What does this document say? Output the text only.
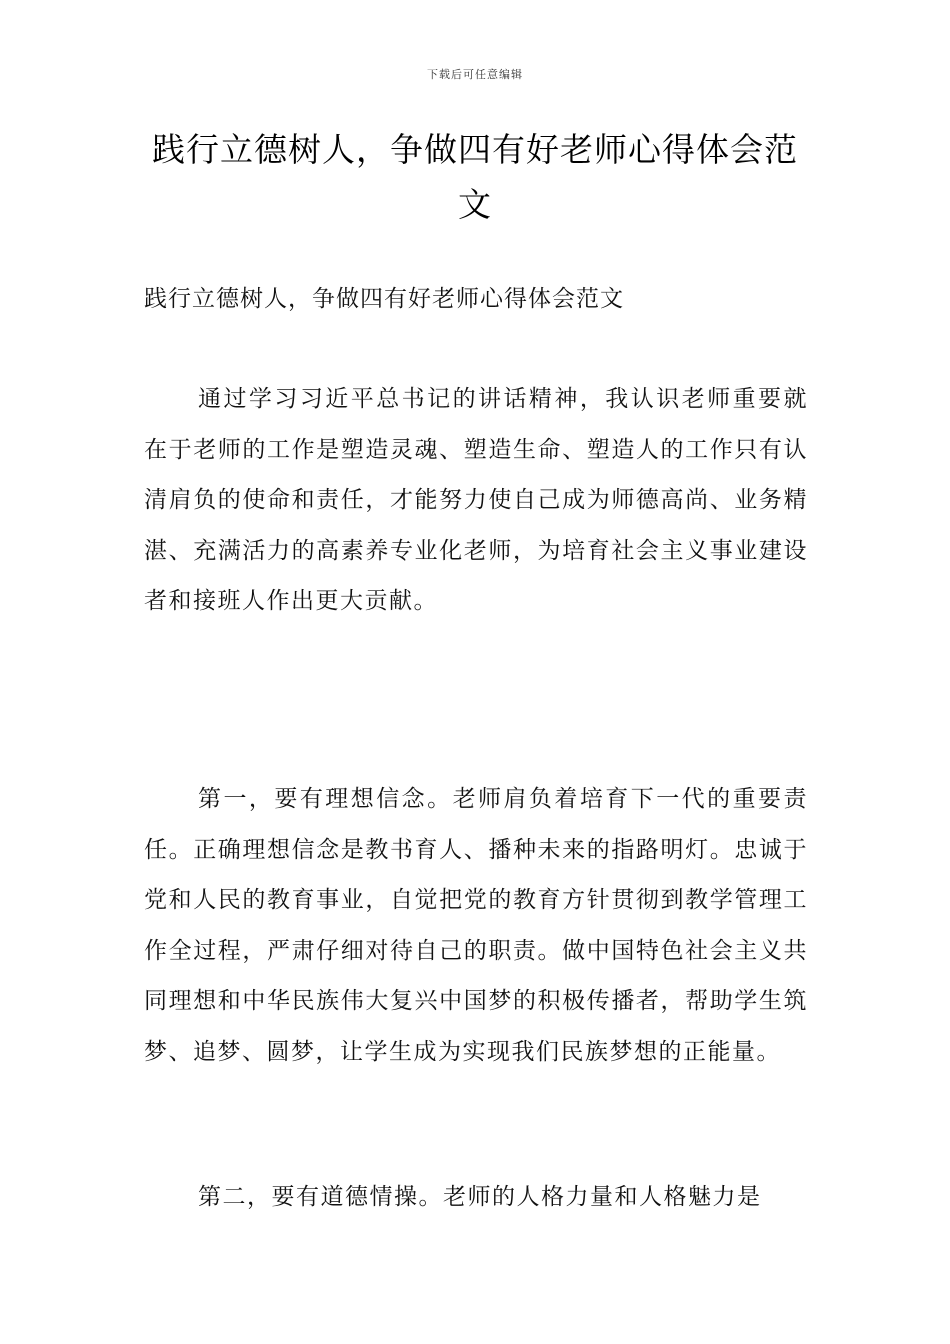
下载后可任意编辑
践行立德树人，争做四有好老师心得体会范文

践行立德树人，争做四有好老师心得体会范文

通过学习习近平总书记的讲话精神，我认识老师重要就在于老师的工作是塑造灵魂、塑造生命、塑造人的工作只有认清肩负的使命和责任，才能努力使自己成为师德高尚、业务精湛、充满活力的高素养专业化老师，为培育社会主义事业建设者和接班人作出更大贡献。

第一，要有理想信念。老师肩负着培育下一代的重要责任。正确理想信念是教书育人、播种未来的指路明灯。忠诚于党和人民的教育事业，自觉把党的教育方针贯彻到教学管理工作全过程，严肃仔细对待自己的职责。做中国特色社会主义共同理想和中华民族伟大复兴中国梦的积极传播者，帮助学生筑梦、追梦、圆梦，让学生成为实现我们民族梦想的正能量。

第二，要有道德情操。老师的人格力量和人格魅力是
